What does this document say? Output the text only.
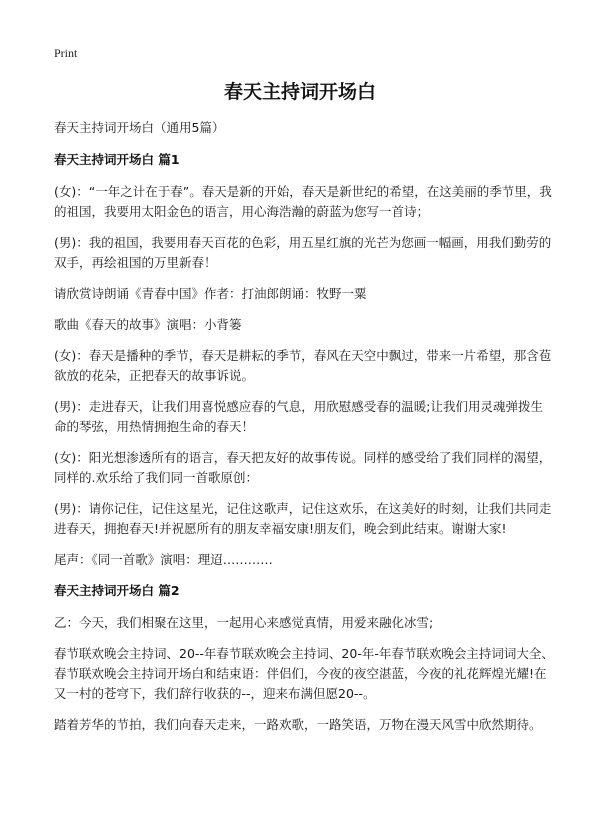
Print
春天主持词开场白

春天主持词开场白（通用5篇）

春天主持词开场白 篇1

(女)：“一年之计在于春”。春天是新的开始，春天是新世纪的希望，在这美丽的季节里，我的祖国，我要用太阳金色的语言，用心海浩瀚的蔚蓝为您写一首诗；

(男)：我的祖国，我要用春天百花的色彩，用五星红旗的光芒为您画一幅画，用我们勤劳的双手，再绘祖国的万里新春！

请欣赏诗朗诵《青春中国》作者：打油郎朗诵：牧野一粟

歌曲《春天的故事》演唱：小背篓

(女)：春天是播种的季节，春天是耕耘的季节，春风在天空中飘过，带来一片希望，那含苞欲放的花朵，正把春天的故事诉说。

(男)：走进春天，让我们用喜悦感应春的气息，用欣慰感受春的温暖;让我们用灵魂弹拨生命的琴弦，用热情拥抱生命的春天！

(女)：阳光想渗透所有的语言，春天把友好的故事传说。同样的感受给了我们同样的渴望，同样的.欢乐给了我们同一首歌原创：

(男)：请你记住，记住这星光，记住这歌声，记住这欢乐，在这美好的时刻，让我们共同走进春天，拥抱春天!并祝愿所有的朋友幸福安康!朋友们，晚会到此结束。谢谢大家!

尾声：《同一首歌》演唱：理迢…………

春天主持词开场白 篇2

乙：今天，我们相聚在这里，一起用心来感觉真情，用爱来融化冰雪;

春节联欢晚会主持词、20--年春节联欢晚会主持词、20-年-年春节联欢晚会主持词词大全、春节联欢晚会主持词开场白和结束语：伴侣们，今夜的夜空湛蓝，今夜的礼花辉煌光耀!在又一村的苍穹下，我们辞行收获的--，迎来布满但愿20--。

踏着芳华的节拍，我们向春天走来，一路欢歌，一路笑语，万物在漫天风雪中欣然期待。
